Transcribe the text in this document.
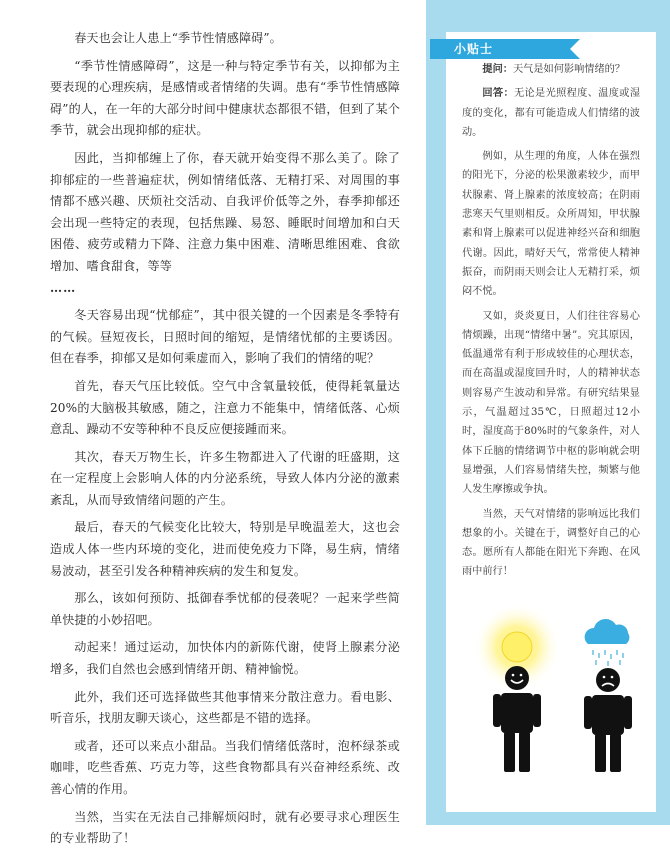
春天也会让人患上“季节性情感障碍”。

“季节性情感障碍”，这是一种与特定季节有关，以抑郁为主要表现的心理疾病，是感情或者情绪的失调。患有“季节性情感障碍”的人，在一年的大部分时间中健康状态都很不错，但到了某个季节，就会出现抑郁的症状。

因此，当抑郁缠上了你，春天就开始变得不那么美了。除了抑郁症的一些普遍症状，例如情绪低落、无精打采、对周围的事情都不感兴趣、厌烦社交活动、自我评价低等之外，春季抑郁还会出现一些特定的表现，包括焦躁、易怒、睡眠时间增加和白天困倦、疲劳或精力下降、注意力集中困难、清晰思维困难、食欲增加、嗜食甜食，等等

……

冬天容易出现“忧郁症”，其中很关键的一个因素是冬季特有的气候。昼短夜长，日照时间的缩短，是情绪忧郁的主要诱因。但在春季，抑郁又是如何乘虚而入，影响了我们的情绪的呢？

首先，春天气压比较低。空气中含氧量较低，使得耗氧量达20%的大脑极其敏感，随之，注意力不能集中，情绪低落、心烦意乱、躁动不安等种种不良反应便接踵而来。

其次，春天万物生长，许多生物都进入了代谢的旺盛期，这在一定程度上会影响人体的内分泌系统，导致人体内分泌的激素紊乱，从而导致情绪问题的产生。

最后，春天的气候变化比较大，特别是早晚温差大，这也会造成人体一些内环境的变化，进而使免疫力下降，易生病，情绪易波动，甚至引发各种精神疾病的发生和复发。

那么，该如何预防、抵御春季忧郁的侵袭呢？一起来学些简单快捷的小妙招吧。

动起来！通过运动，加快体内的新陈代谢，使肾上腺素分泌增多，我们自然也会感到情绪开朗、精神愉悦。

此外，我们还可选择做些其他事情来分散注意力。看电影、听音乐，找朋友聊天谈心，这些都是不错的选择。

或者，还可以来点小甜品。当我们情绪低落时，泡杯绿茶或咖啡，吃些香蕉、巧克力等，这些食物都具有兴奋神经系统、改善心情的作用。

当然，当实在无法自己排解烦闷时，就有必要寻求心理医生的专业帮助了！

小贴士

提问：天气是如何影响情绪的？

回答：无论是光照程度、温度或湿度的变化，都有可能造成人们情绪的波动。

例如，从生理的角度，人体在强烈的阳光下，分泌的松果激素较少，而甲状腺素、肾上腺素的浓度较高；在阴雨悲寒天气里则相反。众所周知，甲状腺素和肾上腺素可以促进神经兴奋和细胞代谢。因此，晴好天气，常常使人精神振奋，而阴雨天则会让人无精打采，烦闷不悦。

又如，炎炎夏日，人们往往容易心情烦躁，出现“情绪中暑”。究其原因，低温通常有利于形成较佳的心理状态，而在高温或湿度回升时，人的精神状态则容易产生波动和异常。有研究结果显示，气温超过35℃，日照超过12小时，湿度高于80%时的气象条件，对人体下丘脑的情绪调节中枢的影响就会明显增强，人们容易情绪失控，频繁与他人发生摩擦或争执。

当然，天气对情绪的影响远比我们想象的小。关键在于，调整好自己的心态。愿所有人都能在阳光下奔跑、在风雨中前行！
